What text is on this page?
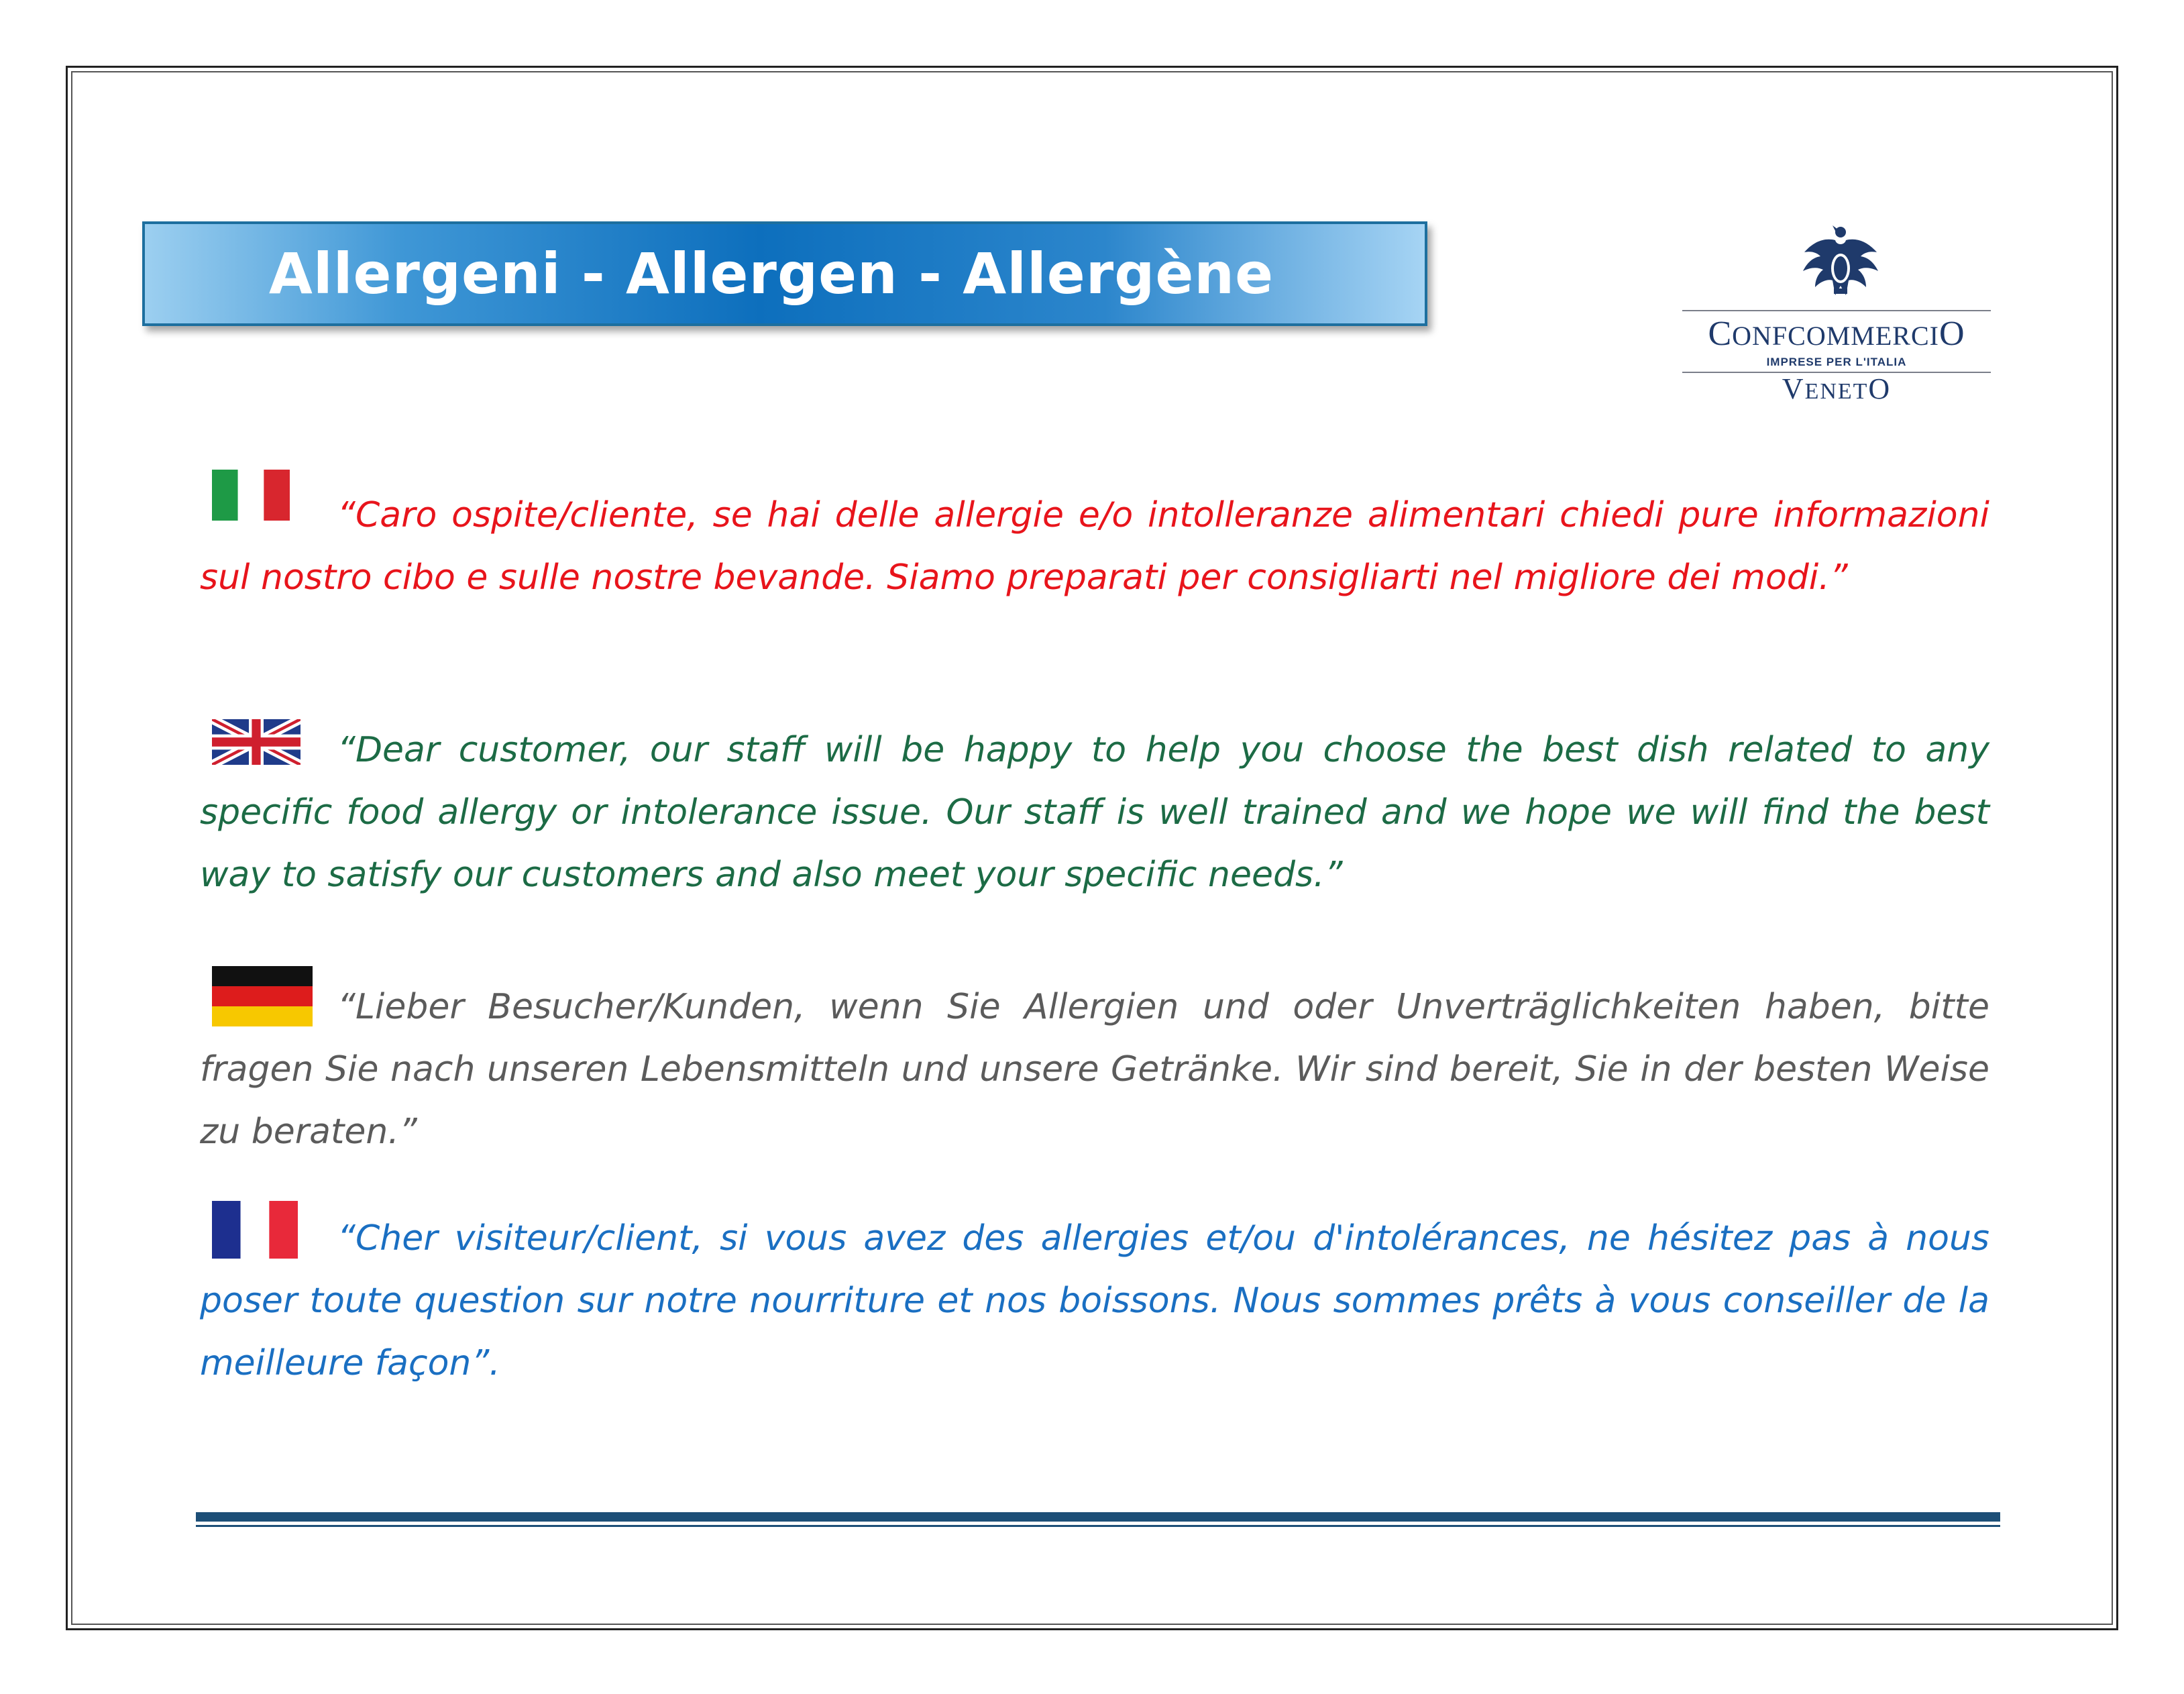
Allergeni - Allergen - Allergène
CONFCOMMERCIO
IMPRESE PER L'ITALIA
VENETO

“Caro ospite/cliente, se hai delle allergie e/o intolleranze alimentari chiedi pure informazioni sul nostro cibo e sulle nostre bevande. Siamo preparati per consigliarti nel migliore dei modi.”

“Dear customer, our staff will be happy to help you choose the best dish related to any specific food allergy or intolerance issue. Our staff is well trained and we hope we will find the best way to satisfy our customers and also meet your specific needs.”

“Lieber Besucher/Kunden, wenn Sie Allergien und oder Unverträglichkeiten haben, bitte fragen Sie nach unseren Lebensmitteln und unsere Getränke. Wir sind bereit, Sie in der besten Weise zu beraten.”

“Cher visiteur/client, si vous avez des allergies et/ou d'intolérances, ne hésitez pas à nous poser toute question sur notre nourriture et nos boissons. Nous sommes prêts à vous conseiller de la meilleure façon”.
